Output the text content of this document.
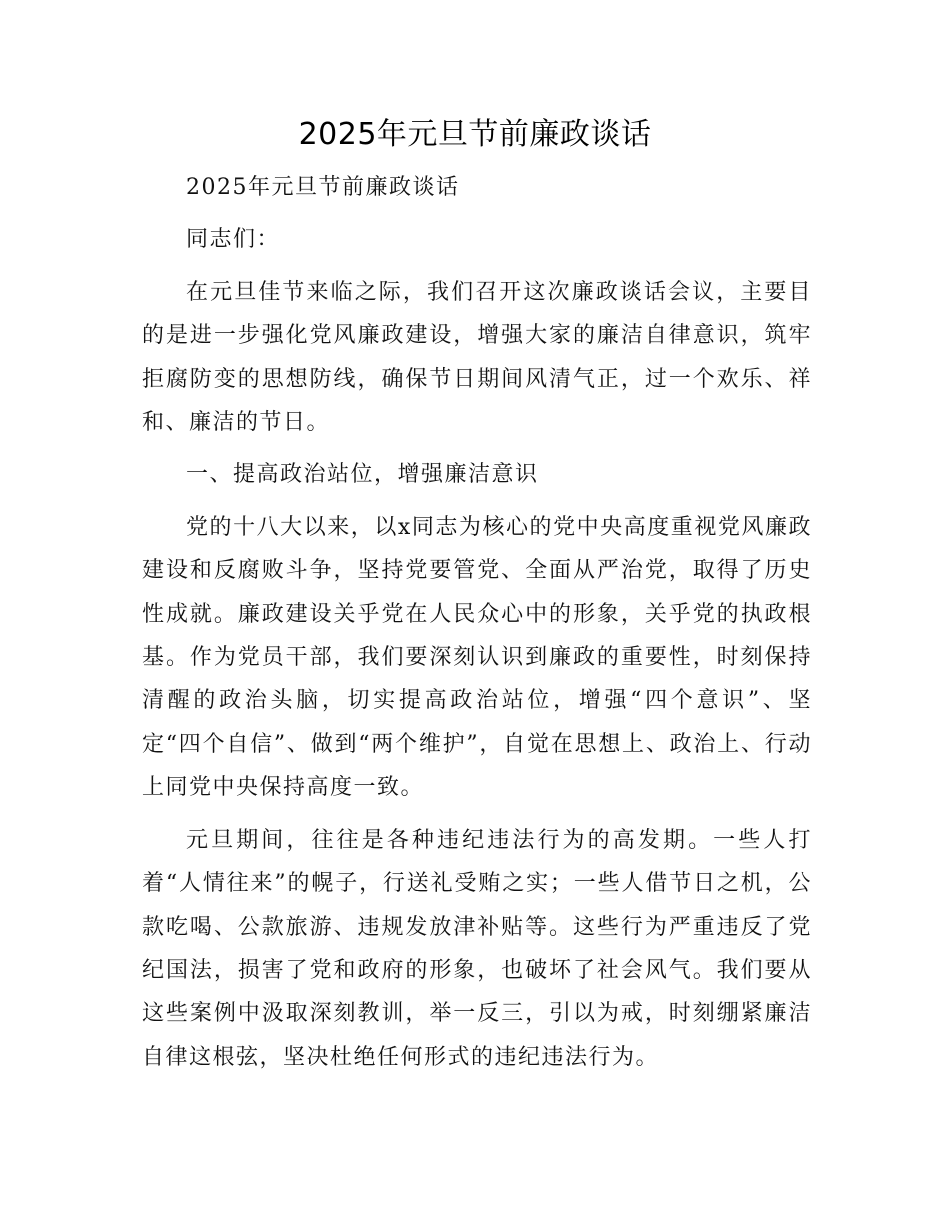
2025年元旦节前廉政谈话

2025年元旦节前廉政谈话

同志们：

在元旦佳节来临之际，我们召开这次廉政谈话会议，主要目的是进一步强化党风廉政建设，增强大家的廉洁自律意识，筑牢拒腐防变的思想防线，确保节日期间风清气正，过一个欢乐、祥和、廉洁的节日。

一、提高政治站位，增强廉洁意识

党的十八大以来，以x同志为核心的党中央高度重视党风廉政建设和反腐败斗争，坚持党要管党、全面从严治党，取得了历史性成就。廉政建设关乎党在人民众心中的形象，关乎党的执政根基。作为党员干部，我们要深刻认识到廉政的重要性，时刻保持清醒的政治头脑，切实提高政治站位，增强“四个意识”、坚定“四个自信”、做到“两个维护”，自觉在思想上、政治上、行动上同党中央保持高度一致。

元旦期间，往往是各种违纪违法行为的高发期。一些人打着“人情往来”的幌子，行送礼受贿之实；一些人借节日之机，公款吃喝、公款旅游、违规发放津补贴等。这些行为严重违反了党纪国法，损害了党和政府的形象，也破坏了社会风气。我们要从这些案例中汲取深刻教训，举一反三，引以为戒，时刻绷紧廉洁自律这根弦，坚决杜绝任何形式的违纪违法行为。
